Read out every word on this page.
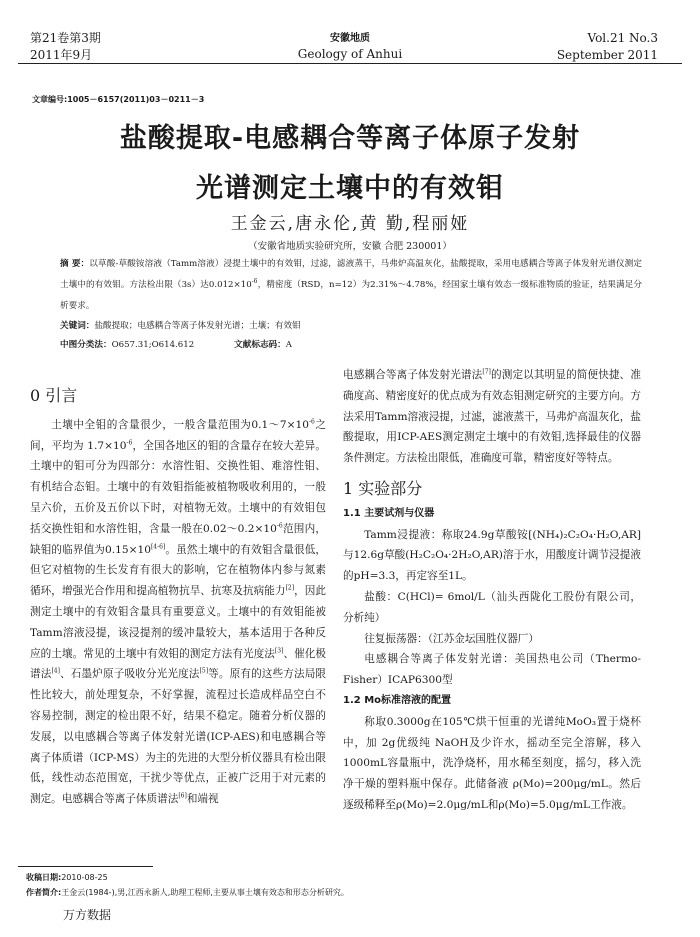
第21卷第3期
2011年9月
安徽地质
Geology of Anhui
Vol.21 No.3
September 2011
文章编号:1005－6157(2011)03－0211－3
盐酸提取-电感耦合等离子体原子发射
光谱测定土壤中的有效钼
王金云,唐永伦,黄 勤,程丽娅
（安徽省地质实验研究所，安徽 合肥 230001）
摘 要：以草酸-草酸铵溶液（Tamm溶液）浸提土壤中的有效钼，过滤，滤液蒸干，马弗炉高温灰化，盐酸提取，采用电感耦合等离子体发射光谱仪测定土壤中的有效钼。方法检出限（3s）达$0.012\times 10^{-6}$，精密度（RSD，n=12）为2.31%～4.78%，经国家土壤有效态一级标准物质的验证，结果满足分析要求。
关键词：盐酸提取；电感耦合等离子体发射光谱；土壤；有效钼
中图分类法：O657.31;O614.612	文献标志码：A
0 引言

土壤中全钼的含量很少，一般含量范围为$0.1\sim 7\times 10^{-6}$之间，平均为 $1.7\times 10^{-6}$，全国各地区的钼的含量存在较大差异。土壤中的钼可分为四部分：水溶性钼、交换性钼、难溶性钼、有机结合态钼。土壤中的有效钼指能被植物吸收利用的，一般呈六价，五价及五价以下时，对植物无效。土壤中的有效钼包括交换性钼和水溶性钼，含量一般在$0.02\sim 0.2\times 10^{-6}$范围内，缺钼的临界值为0.15×10[4-6]。虽然土壤中的有效钼含量很低，但它对植物的生长发育有很大的影响，它在植物体内参与氮素循环，增强光合作用和提高植物抗旱、抗寒及抗病能力[2]，因此测定土壤中的有效钼含量具有重要意义。土壤中的有效钼能被Tamm溶液浸提，该浸提剂的缓冲量较大，基本适用于各种反应的土壤。常见的土壤中有效钼的测定方法有光度法[3]、催化极谱法[4]、石墨炉原子吸收分光光度法[5]等。原有的这些方法局限性比较大，前处理复杂，不好掌握，流程过长造成样品空白不容易控制，测定的检出限不好，结果不稳定。随着分析仪器的发展，以电感耦合等离子体发射光谱(ICP-AES)和电感耦合等离子体质谱（ICP-MS）为主的先进的大型分析仪器具有检出限低，线性动态范围宽，干扰少等优点，正被广泛用于对元素的测定。电感耦合等离子体质谱法[6]和端视

电感耦合等离子体发射光谱法[7]的测定以其明显的简便快捷、准确度高、精密度好的优点成为有效态钼测定研究的主要方向。方法采用Tamm溶液浸提，过滤，滤液蒸干，马弗炉高温灰化，盐酸提取，用ICP-AES测定测定土壤中的有效钼,选择最佳的仪器条件测定。方法检出限低，准确度可靠，精密度好等特点。

1 实验部分
1.1 主要试剂与仪器

Tamm浸提液：称取24.9g草酸铵[(NH₄)₂C₂O₄·H₂O,AR]与12.6g草酸(H₂C₂O₄·2H₂O,AR)溶于水，用酸度计调节浸提液的pH=3.3，再定容至1L。

盐酸：C(HCl)= 6mol/L（汕头西陇化工股份有限公司，分析纯）

往复振荡器：（江苏金坛国胜仪器厂）

电感耦合等离子体发射光谱：美国热电公司（Thermo-Fisher）ICAP6300型

1.2 Mo标准溶液的配置

称取0.3000g在105℃烘干恒重的光谱纯MoO₃置于烧杯中，加 2g优级纯 NaOH及少许水，摇动至完全溶解，移入 1000mL容量瓶中，洗净烧杯，用水稀至刻度，摇匀，移入洗净干燥的塑料瓶中保存。此储备液 ρ(Mo)=200μg/mL。然后逐级稀释至ρ(Mo)=2.0μg/mL和ρ(Mo)=5.0μg/mL工作液。

收稿日期:2010-08-25
作者简介:王金云(1984-),男,江西永新人,助理工程师,主要从事土壤有效态和形态分析研究。
万方数据
